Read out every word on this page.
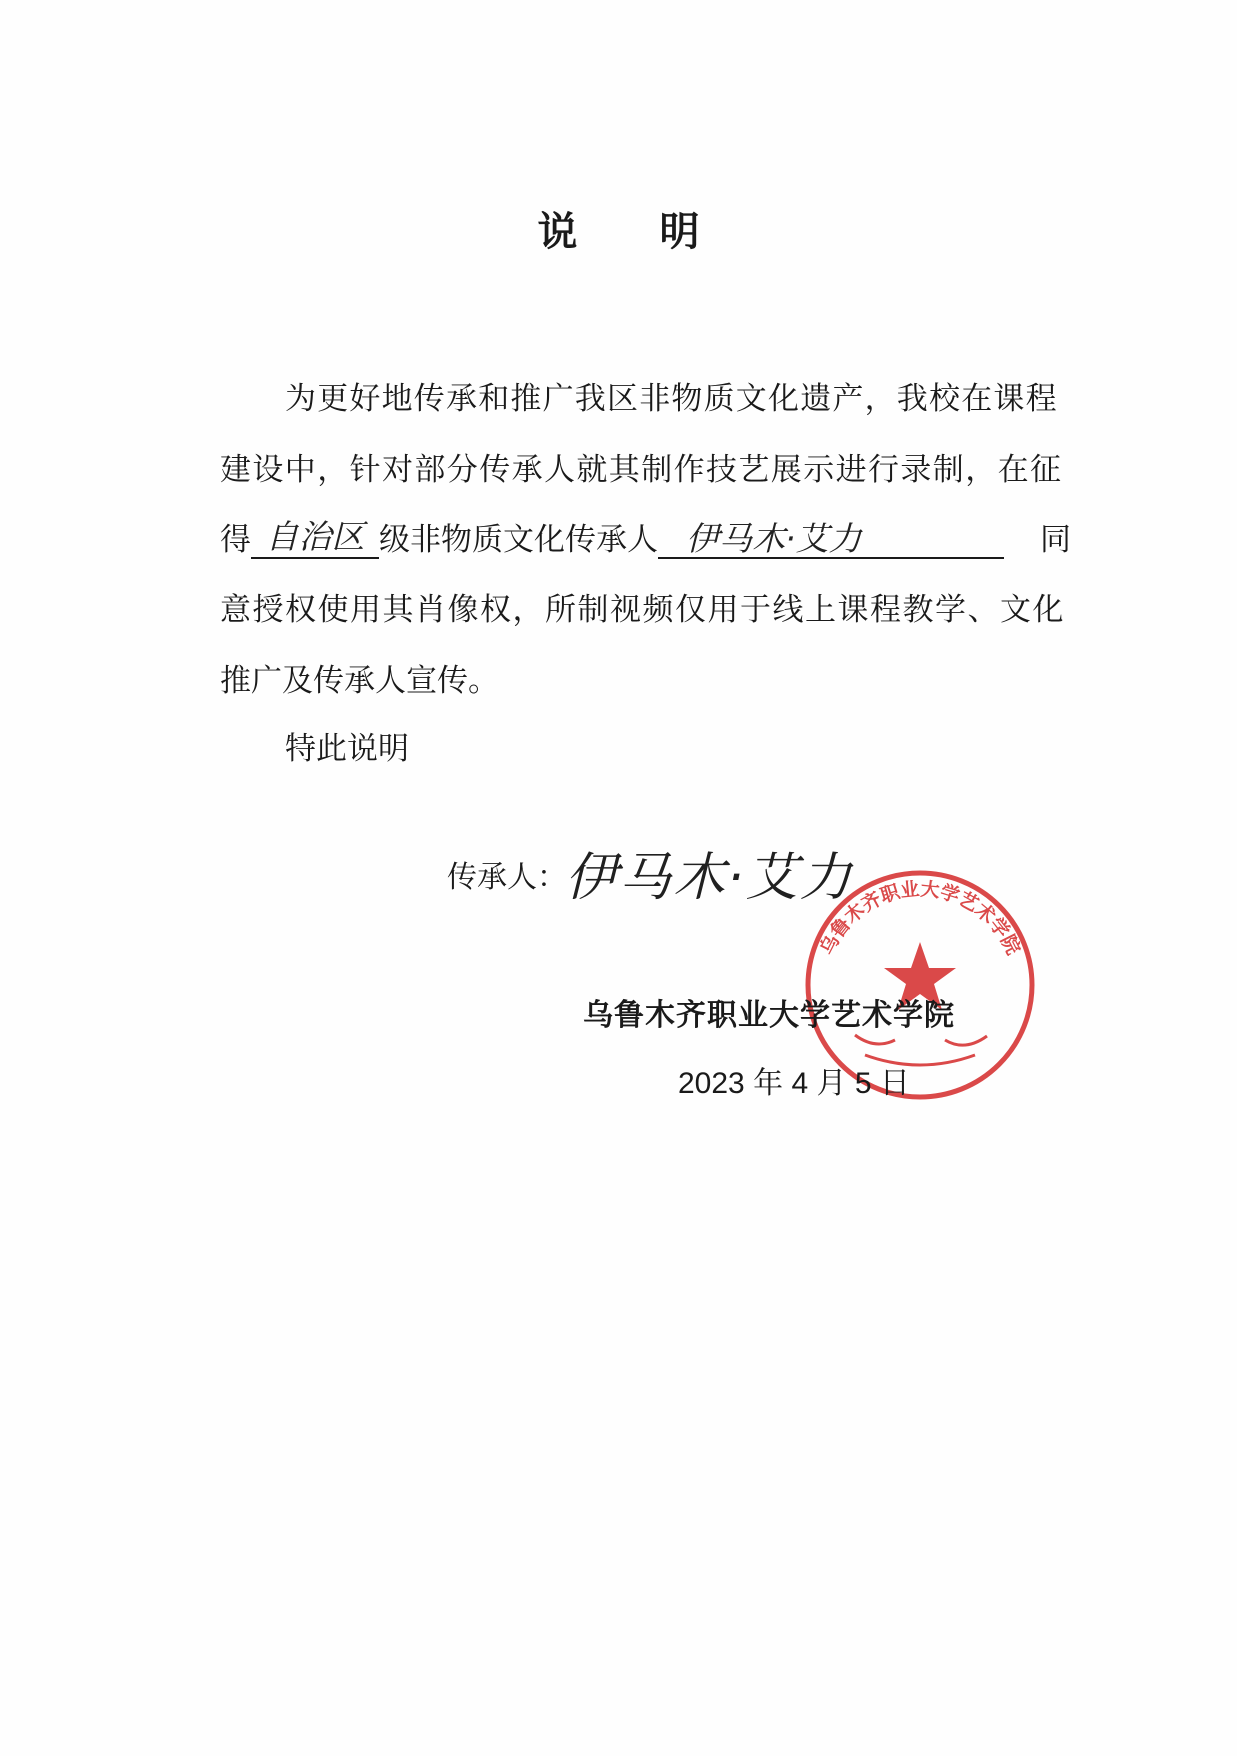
说 明
为更好地传承和推广我区非物质文化遗产，我校在课程
建设中，针对部分传承人就其制作技艺展示进行录制，在征
得 自治区 级非物质文化传承人 伊马木·艾力	同
意授权使用其肖像权，所制视频仅用于线上课程教学、文化
推广及传承人宣传。
特此说明
传承人：
伊马木·艾力
乌鲁木齐职业大学艺术学院
乌鲁木齐职业大学艺术学院
2023 年 4 月 5 日
